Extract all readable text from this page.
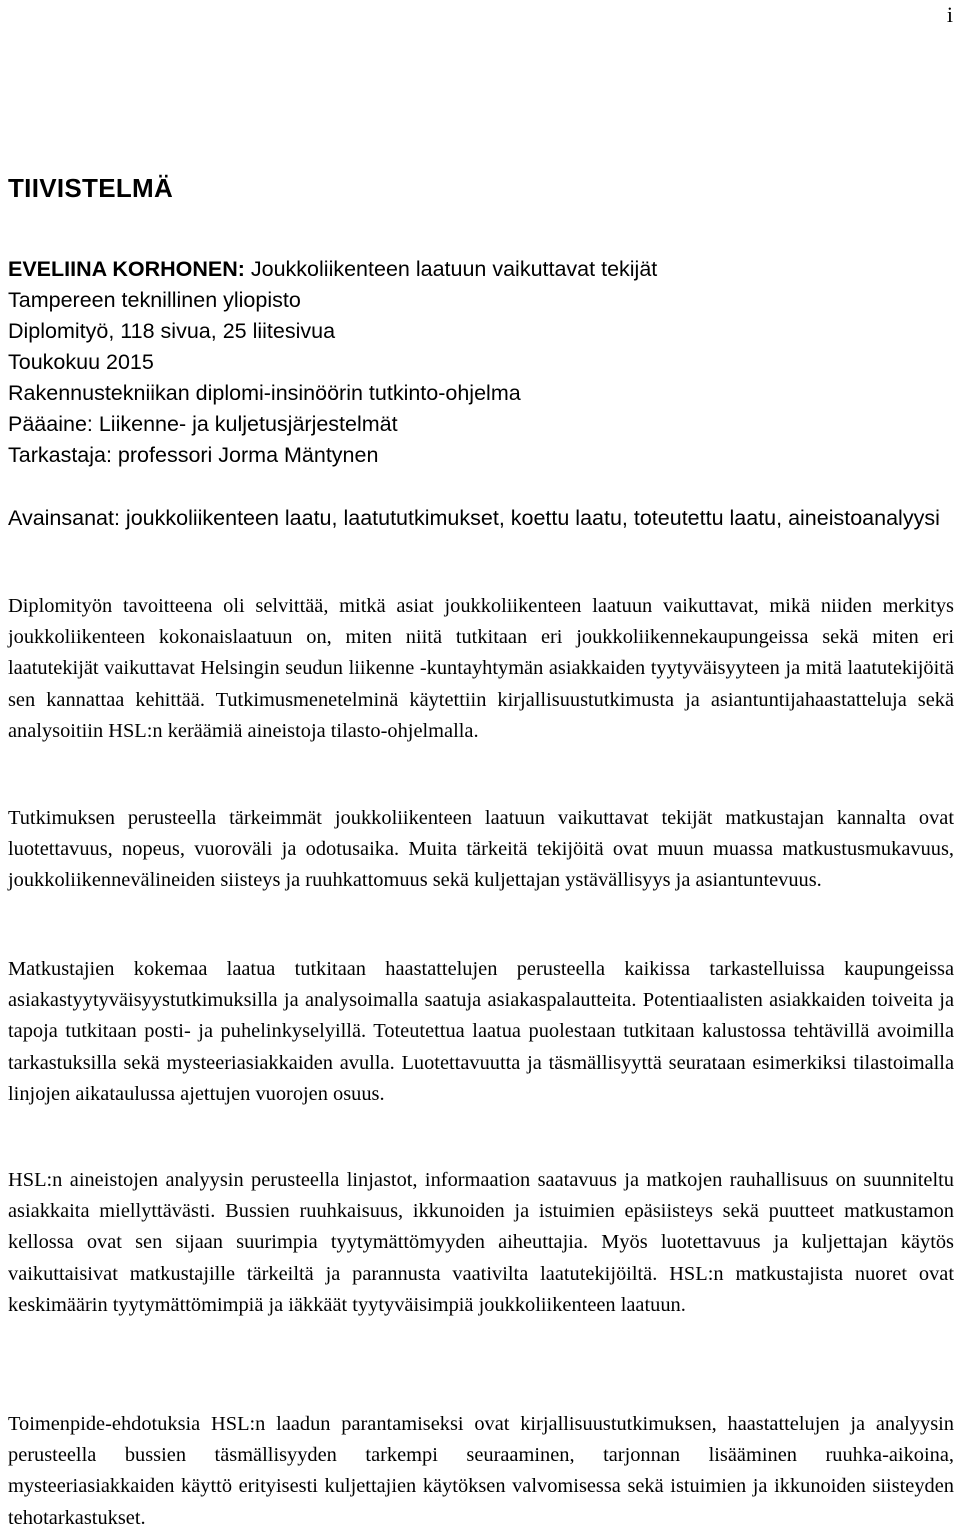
i
TIIVISTELMÄ
EVELIINA KORHONEN: Joukkoliikenteen laatuun vaikuttavat tekijät
Tampereen teknillinen yliopisto
Diplomityö, 118 sivua, 25 liitesivua
Toukokuu 2015
Rakennustekniikan diplomi-insinöörin tutkinto-ohjelma
Pääaine: Liikenne- ja kuljetusjärjestelmät
Tarkastaja: professori Jorma Mäntynen

Avainsanat: joukkoliikenteen laatu, laatututkimukset, koettu laatu, toteutettu laatu, aineistoanalyysi

Diplomityön tavoitteena oli selvittää, mitkä asiat joukkoliikenteen laatuun vaikuttavat, mikä niiden merkitys joukkoliikenteen kokonaislaatuun on, miten niitä tutkitaan eri joukkoliikennekaupungeissa sekä miten eri laatutekijät vaikuttavat Helsingin seudun liikenne -kuntayhtymän asiakkaiden tyytyväisyyteen ja mitä laatutekijöitä sen kannattaa kehittää. Tutkimusmenetelminä käytettiin kirjallisuustutkimusta ja asiantuntijahaastatteluja sekä analysoitiin HSL:n keräämiä aineistoja tilasto-ohjelmalla.

Tutkimuksen perusteella tärkeimmät joukkoliikenteen laatuun vaikuttavat tekijät matkustajan kannalta ovat luotettavuus, nopeus, vuoroväli ja odotusaika. Muita tärkeitä tekijöitä ovat muun muassa matkustusmukavuus, joukkoliikennevälineiden siisteys ja ruuhkattomuus sekä kuljettajan ystävällisyys ja asiantuntevuus.

Matkustajien kokemaa laatua tutkitaan haastattelujen perusteella kaikissa tarkastelluissa kaupungeissa asiakastyytyväisyystutkimuksilla ja analysoimalla saatuja asiakaspalautteita. Potentiaalisten asiakkaiden toiveita ja tapoja tutkitaan posti- ja puhelinkyselyillä. Toteutettua laatua puolestaan tutkitaan kalustossa tehtävillä avoimilla tarkastuksilla sekä mysteeriasiakkaiden avulla. Luotettavuutta ja täsmällisyyttä seurataan esimerkiksi tilastoimalla linjojen aikataulussa ajettujen vuorojen osuus.

HSL:n aineistojen analyysin perusteella linjastot, informaation saatavuus ja matkojen rauhallisuus on suunniteltu asiakkaita miellyttävästi. Bussien ruuhkaisuus, ikkunoiden ja istuimien epäsiisteys sekä puutteet matkustamon kellossa ovat sen sijaan suurimpia tyytymättömyyden aiheuttajia. Myös luotettavuus ja kuljettajan käytös vaikuttaisivat matkustajille tärkeiltä ja parannusta vaativilta laatutekijöiltä. HSL:n matkustajista nuoret ovat keskimäärin tyytymättömimpiä ja iäkkäät tyytyväisimpiä joukkoliikenteen laatuun.

Toimenpide-ehdotuksia HSL:n laadun parantamiseksi ovat kirjallisuustutkimuksen, haastattelujen ja analyysin perusteella bussien täsmällisyyden tarkempi seuraaminen, tarjonnan lisääminen ruuhka-aikoina, mysteeriasiakkaiden käyttö erityisesti kuljettajien käytöksen valvomisessa sekä istuimien ja ikkunoiden siisteyden tehotarkastukset.
